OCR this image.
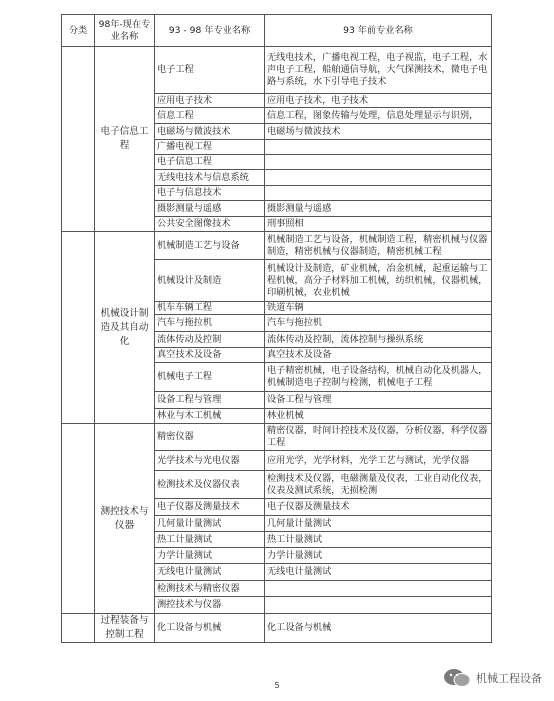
分类	98年-现在专业名称	93 - 98 年专业名称	93 年前专业名称
	电子信息工程	电子工程	无线电技术，广播电视工程，电子视监，电子工程，水声电子工程，船舶通信导航，大气探测技术，微电子电路与系统，水下引导电子技术
		应用电子技术	应用电子技术，电子技术
		信息工程	信息工程，图象传输与处理，信息处理显示与识别，
		电磁场与微波技术	电磁场与微波技术
		广播电视工程	
		电子信息工程	
		无线电技术与信息系统	
		电子与信息技术	
		摄影测量与遥感	摄影测量与遥感
		公共安全图像技术	刑事照相
	机械设计制造及其自动化	机械制造工艺与设备	机械制造工艺与设备，机械制造工程，精密机械与仪器制造，精密机械与仪器制造，精密机械工程
		机械设计及制造	机械设计及制造，矿业机械，冶金机械，起重运输与工程机械，高分子材料加工机械，纺织机械，仪器机械，印刷机械，农业机械
		机车车辆工程	铁道车辆
		汽车与拖拉机	汽车与拖拉机
		流体传动及控制	流体传动及控制，流体控制与操纵系统
		真空技术及设备	真空技术及设备
		机械电子工程	电子精密机械，电子设备结构，机械自动化及机器人，机械制造电子控制与检测，机械电子工程
		设备工程与管理	设备工程与管理
		林业与木工机械	林业机械
	测控技术与仪器	精密仪器	精密仪器，时间计控技术及仪器，分析仪器，科学仪器工程
		光学技术与光电仪器	应用光学，光学材料，光学工艺与测试，光学仪器
		检测技术及仪器仪表	检测技术及仪器，电磁测量及仪表，工业自动化仪表，仪表及测试系统，无损检测
		电子仪器及测量技术	电子仪器及测量技术
		几何量计量测试	几何量计量测试
		热工计量测试	热工计量测试
		力学计量测试	力学计量测试
		无线电计量测试	无线电计量测试
		检测技术与精密仪器	
		测控技术与仪器	
	过程装备与控制工程	化工设备与机械	化工设备与机械
5
机械工程设备
